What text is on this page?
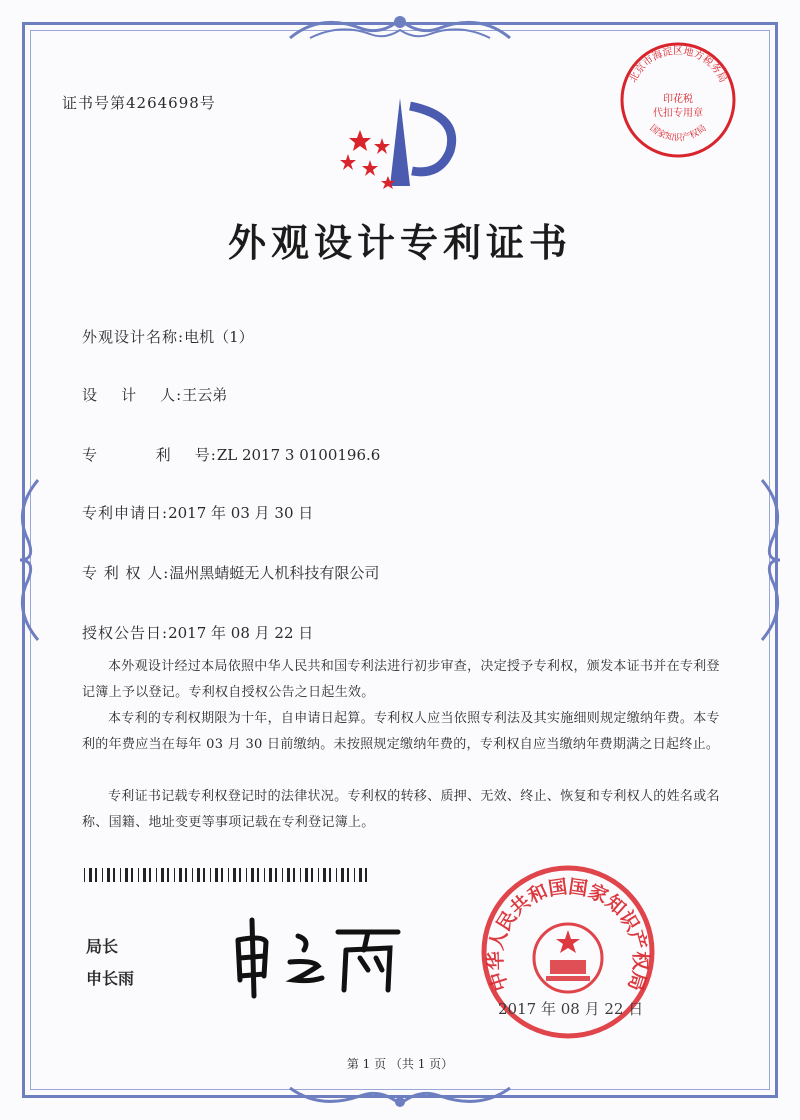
证书号第4264698号
北京市海淀区地方税务局
印花税
代扣专用章
国家知识产权局
外观设计专利证书
外观设计名称:电机（1）
设    计    人:王云弟
专          利    号:ZL 2017 3 0100196.6
专利申请日:2017 年 03 月 30 日
专 利 权 人:温州黑蜻蜓无人机科技有限公司
授权公告日:2017 年 08 月 22 日
本外观设计经过本局依照中华人民共和国专利法进行初步审查，决定授予专利权，颁发本证书并在专利登记簿上予以登记。专利权自授权公告之日起生效。
本专利的专利权期限为十年，自申请日起算。专利权人应当依照专利法及其实施细则规定缴纳年费。本专利的年费应当在每年 03 月 30 日前缴纳。未按照规定缴纳年费的，专利权自应当缴纳年费期满之日起终止。
专利证书记载专利权登记时的法律状况。专利权的转移、质押、无效、终止、恢复和专利权人的姓名或名称、国籍、地址变更等事项记载在专利登记簿上。
局长
申长雨	中华人民共和国国家知识产权局
2017 年 08 月 22 日
第 1 页 （共 1 页）
